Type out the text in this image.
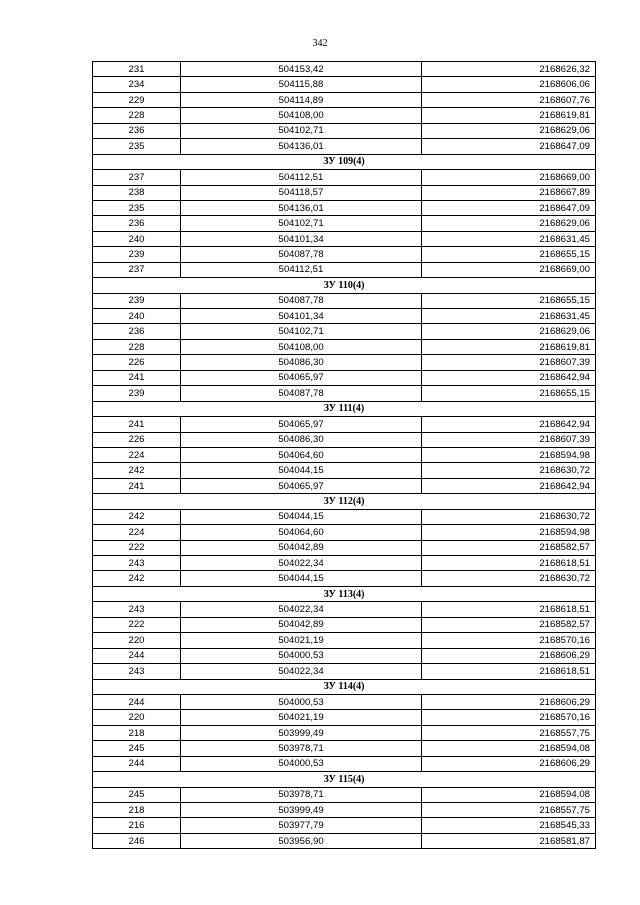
342
231	504153,42	2168626,32
234	504115,88	2168606,06
229	504114,89	2168607,76
228	504108,00	2168619,81
236	504102,71	2168629,06
235	504136,01	2168647,09
ЗУ 109(4)		
237	504112,51	2168669,00
238	504118,57	2168667,89
235	504136,01	2168647,09
236	504102,71	2168629,06
240	504101,34	2168631,45
239	504087,78	2168655,15
237	504112,51	2168669,00
ЗУ 110(4)		
239	504087,78	2168655,15
240	504101,34	2168631,45
236	504102,71	2168629,06
228	504108,00	2168619,81
226	504086,30	2168607,39
241	504065,97	2168642,94
239	504087,78	2168655,15
ЗУ 111(4)		
241	504065,97	2168642,94
226	504086,30	2168607,39
224	504064,60	2168594,98
242	504044,15	2168630,72
241	504065,97	2168642,94
ЗУ 112(4)		
242	504044,15	2168630,72
224	504064,60	2168594,98
222	504042,89	2168582,57
243	504022,34	2168618,51
242	504044,15	2168630,72
ЗУ 113(4)		
243	504022,34	2168618,51
222	504042,89	2168582,57
220	504021,19	2168570,16
244	504000,53	2168606,29
243	504022,34	2168618,51
ЗУ 114(4)		
244	504000,53	2168606,29
220	504021,19	2168570,16
218	503999,49	2168557,75
245	503978,71	2168594,08
244	504000,53	2168606,29
ЗУ 115(4)		
245	503978,71	2168594,08
218	503999,49	2168557,75
216	503977,79	2168545,33
246	503956,90	2168581,87
